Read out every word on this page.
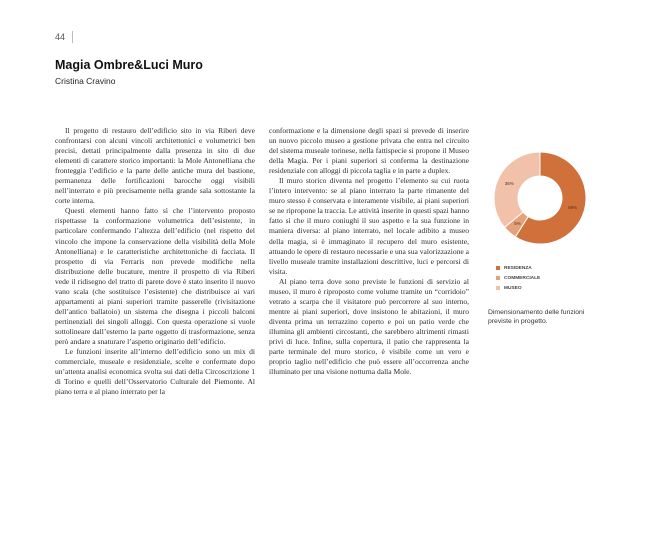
44
Magia Ombre&Luci Muro
Cristina Cravino

Il progetto di restauro dell’edificio sito in via Riberi deve confrontarsi con alcuni vincoli architettonici e volumetrici ben precisi, dettati principalmente dalla presenza in sito di due elementi di carattere storico importanti: la Mole Antonelliana che fronteggia l’edificio e la parte delle antiche mura del bastione, permanenza delle fortificazioni barocche oggi visibili nell’interrato e più precisamente nella grande sala sottostante la corte interna.

Questi elementi hanno fatto sì che l’intervento proposto rispettasse la conformazione volumetrica dell’esistente, in particolare confermando l’altezza dell’edificio (nel rispetto del vincolo che impone la conservazione della visibilità della Mole Antonelliana) e le caratteristiche architettoniche di facciata. Il prospetto di via Ferraris non prevede modifiche nella distribuzione delle bucature, mentre il prospetto di via Riberi vede il ridisegno del tratto di parete dove è stato inserito il nuovo vano scala (che sostituisce l’esistente) che distribuisce ai vari appartamenti ai piani superiori tramite passerelle (rivisitazione dell’antico ballatoio) un sistema che disegna i piccoli balconi pertinenziali dei singoli alloggi. Con questa operazione si vuole sottolineare dall’esterno la parte oggetto di trasformazione, senza però andare a snaturare l’aspetto originario dell’edificio.

Le funzioni inserite all’interno dell’edificio sono un mix di commerciale, museale e residenziale, scelte e confermate dopo un’attenta analisi economica svolta sui dati della Circoscrizione 1 di Torino e quelli dell’Osservatorio Culturale del Piemonte. Al piano terra e al piano interrato per la

conformazione e la dimensione degli spazi si prevede di inserire un nuovo piccolo museo a gestione privata che entra nel circuito del sistema museale torinese, nella fattispecie si propone il Museo della Magia. Per i piani superiori si conferma la destinazione residenziale con alloggi di piccola taglia e in parte a duplex.

Il muro storico diventa nel progetto l’elemento su cui ruota l’intero intervento: se al piano interrato la parte rimanente del muro stesso è conservata e interamente visibile, ai piani superiori se ne ripropone la traccia. Le attività inserite in questi spazi hanno fatto sì che il muro coniughi il suo aspetto e la sua funzione in maniera diversa: al piano interrato, nel locale adibito a museo della magia, si è immaginato il recupero del muro esistente, attuando le opere di restauro necessarie e una sua valorizzazione a livello museale tramite installazioni descrittive, luci e percorsi di visita.

Al piano terra dove sono previste le funzioni di servizio al museo, il muro è riproposto come volume tramite un “corridoio” vetrato a scarpa che il visitatore può percorrere al suo interno, mentre ai piani superiori, dove insistono le abitazioni, il muro diventa prima un terrazzino coperto e poi un patio verde che illumina gli ambienti circostanti, che sarebbero altrimenti rimasti privi di luce. Infine, sulla copertura, il patio che rappresenta la parte terminale del muro storico, è visibile come un vero e proprio taglio nell’edificio che può essere all’occorrenza anche illuminato per una visione notturna dalla Mole.

59%
5%
36%
RESIDENZA
COMMERCIALE
MUSEO
Dimensionamento delle funzioni previste in progetto.
